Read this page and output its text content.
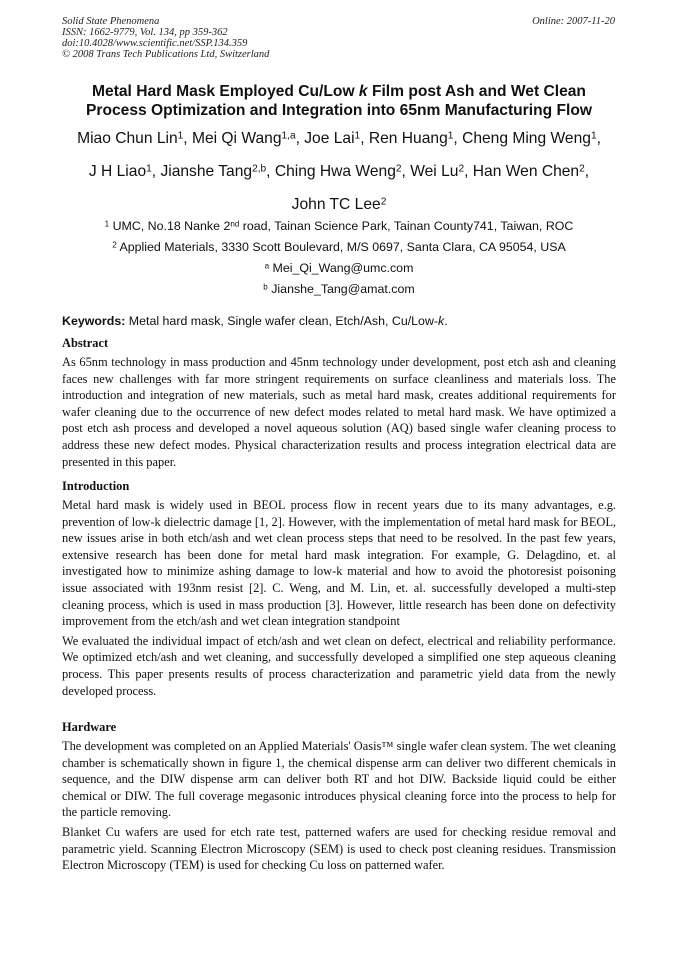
Solid State Phenomena
ISSN: 1662-9779, Vol. 134, pp 359-362
doi:10.4028/www.scientific.net/SSP.134.359
© 2008 Trans Tech Publications Ltd, Switzerland
Online: 2007-11-20
Metal Hard Mask Employed Cu/Low k Film post Ash and Wet Clean
Process Optimization and Integration into 65nm Manufacturing Flow
Miao Chun Lin$^1$, Mei Qi Wang$^{1,a}$, Joe Lai$^1$, Ren Huang$^1$, Cheng Ming Weng$^1$,
J H Liao$^1$, Jianshe Tang$^{2,b}$, Ching Hwa Weng$^2$, Wei Lu$^2$, Han Wen Chen$^2$,
John TC Lee$^2$
$^1$ UMC, No.18 Nanke 2nd road, Tainan Science Park, Tainan County741, Taiwan, ROC
$^2$ Applied Materials, 3330 Scott Boulevard, M/S 0697, Santa Clara, CA 95054, USA
$^a$ Mei_Qi_Wang@umc.com
$^b$ Jianshe_Tang@amat.com
Keywords: Metal hard mask, Single wafer clean, Etch/Ash, Cu/Low-k.
Abstract

As 65nm technology in mass production and 45nm technology under development, post etch ash and cleaning faces new challenges with far more stringent requirements on surface cleanliness and materials loss. The introduction and integration of new materials, such as metal hard mask, creates additional requirements for wafer cleaning due to the occurrence of new defect modes related to metal hard mask. We have optimized a post etch ash process and developed a novel aqueous solution (AQ) based single wafer cleaning process to address these new defect modes. Physical characterization results and process integration electrical data are presented in this paper.

Introduction

Metal hard mask is widely used in BEOL process flow in recent years due to its many advantages, e.g. prevention of low-k dielectric damage [1, 2]. However, with the implementation of metal hard mask for BEOL, new issues arise in both etch/ash and wet clean process steps that need to be resolved. In the past few years, extensive research has been done for metal hard mask integration. For example, G. Delagdino, et. al investigated how to minimize ashing damage to low-k material and how to avoid the photoresist poisoning issue associated with 193nm resist [2]. C. Weng, and M. Lin, et. al. successfully developed a multi-step cleaning process, which is used in mass production [3]. However, little research has been done on defectivity improvement from the etch/ash and wet clean integration standpoint

We evaluated the individual impact of etch/ash and wet clean on defect, electrical and reliability performance. We optimized etch/ash and wet cleaning, and successfully developed a simplified one step aqueous cleaning process. This paper presents results of process characterization and parametric yield data from the newly developed process.

Hardware

The development was completed on an Applied Materials' Oasis™ single wafer clean system. The wet cleaning chamber is schematically shown in figure 1, the chemical dispense arm can deliver two different chemicals in sequence, and the DIW dispense arm can deliver both RT and hot DIW. Backside liquid could be either chemical or DIW. The full coverage megasonic introduces physical cleaning force into the process to help for the particle removing.

Blanket Cu wafers are used for etch rate test, patterned wafers are used for checking residue removal and parametric yield. Scanning Electron Microscopy (SEM) is used to check post cleaning residues. Transmission Electron Microscopy (TEM) is used for checking Cu loss on patterned wafer.
